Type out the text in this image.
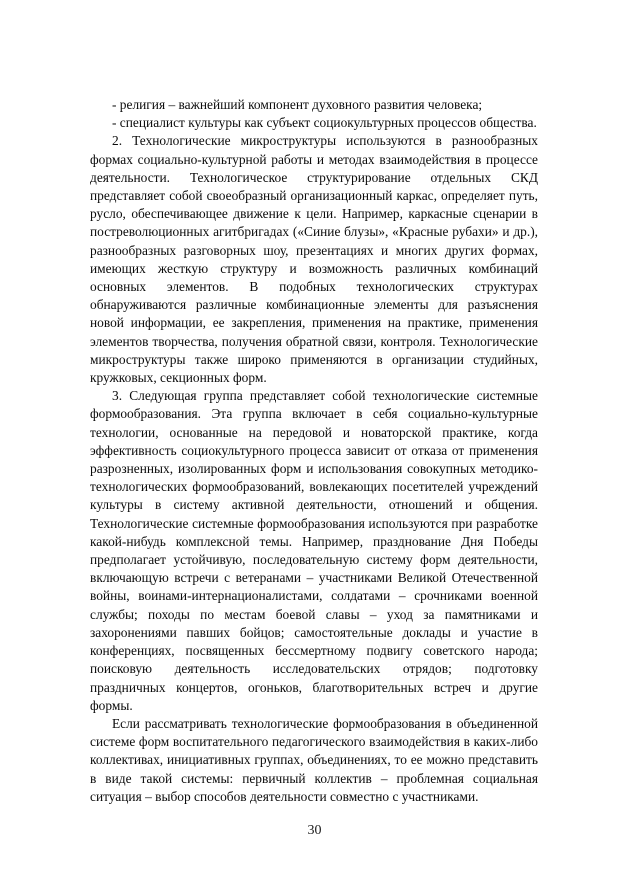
- религия – важнейший компонент духовного развития человека;

- специалист культуры как субъект социокультурных процессов общества.

2. Технологические микроструктуры используются в разнообразных формах социально-культурной работы и методах взаимодействия в процессе деятельности. Технологическое структурирование отдельных СКД представляет собой своеобразный организационный каркас, определяет путь, русло, обеспечивающее движение к цели. Например, каркасные сценарии в постреволюционных агитбригадах («Синие блузы», «Красные рубахи» и др.), разнообразных разговорных шоу, презентациях и многих других формах, имеющих жесткую структуру и возможность различных комбинаций основных элементов. В подобных технологических структурах обнаруживаются различные комбинационные элементы для разъяснения новой информации, ее закрепления, применения на практике, применения элементов творчества, получения обратной связи, контроля. Технологические микроструктуры также широко применяются в организации студийных, кружковых, секционных форм.

3. Следующая группа представляет собой технологические системные формообразования. Эта группа включает в себя социально-культурные технологии, основанные на передовой и новаторской практике, когда эффективность социокультурного процесса зависит от отказа от применения разрозненных, изолированных форм и использования совокупных методико-технологических формообразований, вовлекающих посетителей учреждений культуры в систему активной деятельности, отношений и общения. Технологические системные формообразования используются при разработке какой-нибудь комплексной темы. Например, празднование Дня Победы предполагает устойчивую, последовательную систему форм деятельности, включающую встречи с ветеранами – участниками Великой Отечественной войны, воинами-интернационалистами, солдатами – срочниками военной службы; походы по местам боевой славы – уход за памятниками и захоронениями павших бойцов; самостоятельные доклады и участие в конференциях, посвященных бессмертному подвигу советского народа; поисковую деятельность исследовательских отрядов; подготовку праздничных концертов, огоньков, благотворительных встреч и другие формы.

Если рассматривать технологические формообразования в объединенной системе форм воспитательного педагогического взаимодействия в каких-либо коллективах, инициативных группах, объединениях, то ее можно представить в виде такой системы: первичный коллектив – проблемная социальная ситуация – выбор способов деятельности совместно с участниками.

30
